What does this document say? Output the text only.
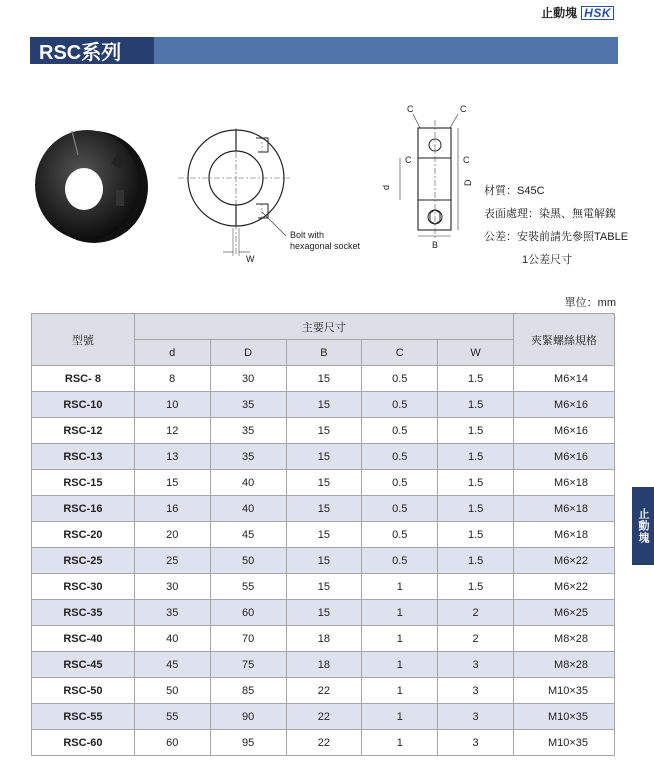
止動塊 HSK
RSC系列
W
Bolt with
hexagonal socket
C	C
C	C
d
D
B
材質：S45C
表面處理：染黑、無電解鎳
公差：安裝前請先參照TABLE
1公差尺寸
單位：mm
型號	主要尺寸					夾緊螺絲規格
	d	D	B	C	W	
RSC- 8	8	30	15	0.5	1.5	M6×14
RSC-10	10	35	15	0.5	1.5	M6×16
RSC-12	12	35	15	0.5	1.5	M6×16
RSC-13	13	35	15	0.5	1.5	M6×16
RSC-15	15	40	15	0.5	1.5	M6×18
RSC-16	16	40	15	0.5	1.5	M6×18
RSC-20	20	45	15	0.5	1.5	M6×18
RSC-25	25	50	15	0.5	1.5	M6×22
RSC-30	30	55	15	1	1.5	M6×22
RSC-35	35	60	15	1	2	M6×25
RSC-40	40	70	18	1	2	M8×28
RSC-45	45	75	18	1	3	M8×28
RSC-50	50	85	22	1	3	M10×35
RSC-55	55	90	22	1	3	M10×35
RSC-60	60	95	22	1	3	M10×35
止動塊
